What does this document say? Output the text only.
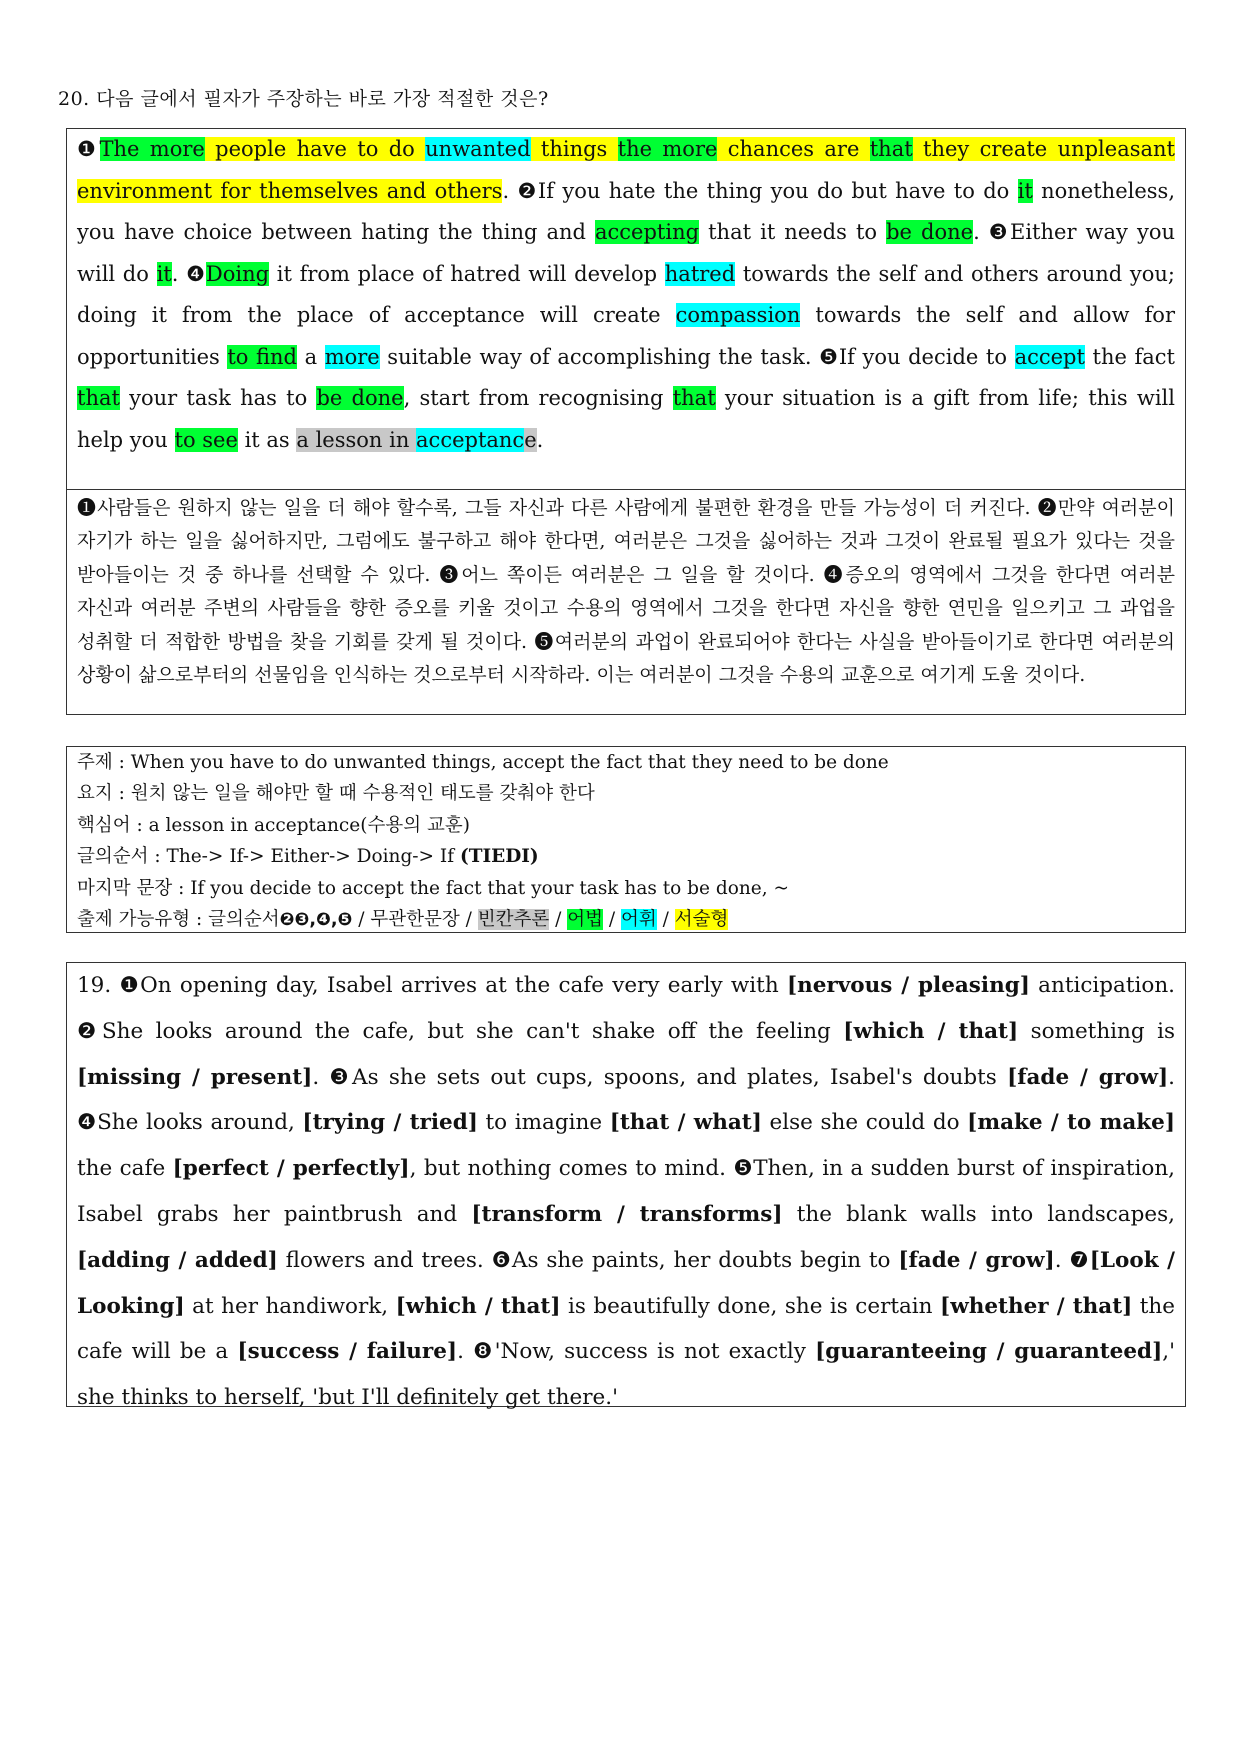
20. 다음 글에서 필자가 주장하는 바로 가장 적절한 것은?
❶The more people have to do unwanted things the more chances are that they create unpleasant environment for themselves and others. ❷If you hate the thing you do but have to do it nonetheless, you have choice between hating the thing and accepting that it needs to be done. ❸Either way you will do it. ❹Doing it from place of hatred will develop hatred towards the self and others around you; doing it from the place of acceptance will create compassion towards the self and allow for opportunities to find a more suitable way of accomplishing the task. ❺If you decide to accept the fact that your task has to be done, start from recognising that your situation is a gift from life; this will help you to see it as a lesson in acceptance.
❶사람들은 원하지 않는 일을 더 해야 할수록, 그들 자신과 다른 사람에게 불편한 환경을 만들 가능성이 더 커진다. ❷만약 여러분이 자기가 하는 일을 싫어하지만, 그럼에도 불구하고 해야 한다면, 여러분은 그것을 싫어하는 것과 그것이 완료될 필요가 있다는 것을 받아들이는 것 중 하나를 선택할 수 있다. ❸어느 쪽이든 여러분은 그 일을 할 것이다. ❹증오의 영역에서 그것을 한다면 여러분 자신과 여러분 주변의 사람들을 향한 증오를 키울 것이고 수용의 영역에서 그것을 한다면 자신을 향한 연민을 일으키고 그 과업을 성취할 더 적합한 방법을 찾을 기회를 갖게 될 것이다. ❺여러분의 과업이 완료되어야 한다는 사실을 받아들이기로 한다면 여러분의 상황이 삶으로부터의 선물임을 인식하는 것으로부터 시작하라. 이는 여러분이 그것을 수용의 교훈으로 여기게 도울 것이다.
주제 : When you have to do unwanted things, accept the fact that they need to be done
요지 : 원치 않는 일을 해야만 할 때 수용적인 태도를 갖춰야 한다
핵심어 : a lesson in acceptance(수용의 교훈)
글의순서 : The-> If-> Either-> Doing-> If (TIEDI)
마지막 문장 : If you decide to accept the fact that your task has to be done, ~
출제 가능유형 : 글의순서❷❸,❹,❺ / 무관한문장 / 빈칸추론 / 어법 / 어휘 / 서술형
19. ❶On opening day, Isabel arrives at the cafe very early with [nervous / pleasing] anticipation. ❷She looks around the cafe, but she can't shake off the feeling [which / that] something is [missing / present]. ❸As she sets out cups, spoons, and plates, Isabel's doubts [fade / grow]. ❹She looks around, [trying / tried] to imagine [that / what] else she could do [make / to make] the cafe [perfect / perfectly], but nothing comes to mind. ❺Then, in a sudden burst of inspiration, Isabel grabs her paintbrush and [transform / transforms] the blank walls into landscapes, [adding / added] flowers and trees. ❻As she paints, her doubts begin to [fade / grow]. ❼[Look / Looking] at her handiwork, [which / that] is beautifully done, she is certain [whether / that] the cafe will be a [success / failure]. ❽'Now, success is not exactly [guaranteeing / guaranteed],' she thinks to herself, 'but I'll definitely get there.'
